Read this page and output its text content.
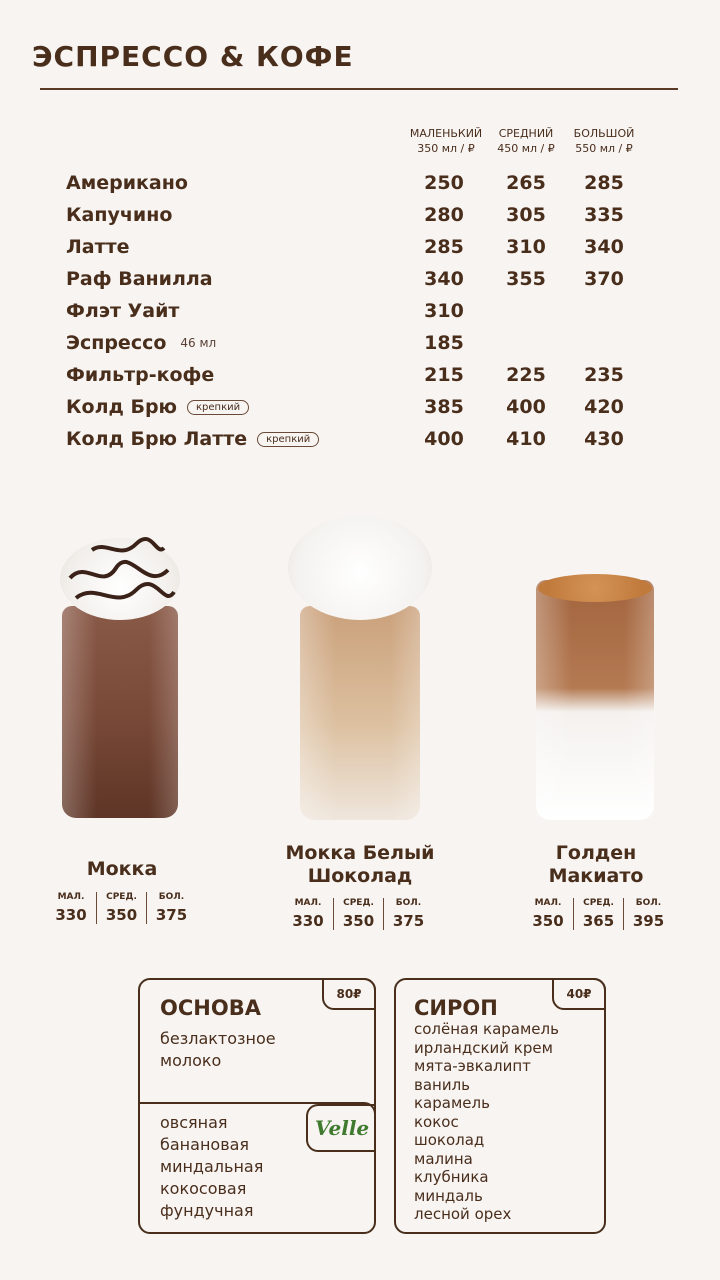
ЭСПРЕССО & КОФЕ
МАЛЕНЬКИЙ
350 мл / ₽
СРЕДНИЙ
450 мл / ₽
БОЛЬШОЙ
550 мл / ₽
Американо	250	265	285
Капучино	280	305	335
Латте	285	310	340
Раф Ванилла	340	355	370
Флэт Уайт	310
Эспрессо 46 мл	185
Фильтр-кофе	215	225	235
Колд Брю	крепкий	385	400	420
Колд Брю Латте	крепкий	400	410	430
Мокка
МАЛ.
330
СРЕД.
350
БОЛ.
375
Мокка Белый
Шоколад
МАЛ.
330
СРЕД.
350
БОЛ.
375
Голден
Макиато
МАЛ.
350
СРЕД.
365
БОЛ.
395
80₽
ОСНОВА
безлактозное
молоко
Velle
овсяная
банановая
миндальная
кокосовая
фундучная
40₽
СИРОП
солёная карамель
ирландский крем
мята-эвкалипт
ваниль
карамель
кокос
шоколад
малина
клубника
миндаль
лесной орех
